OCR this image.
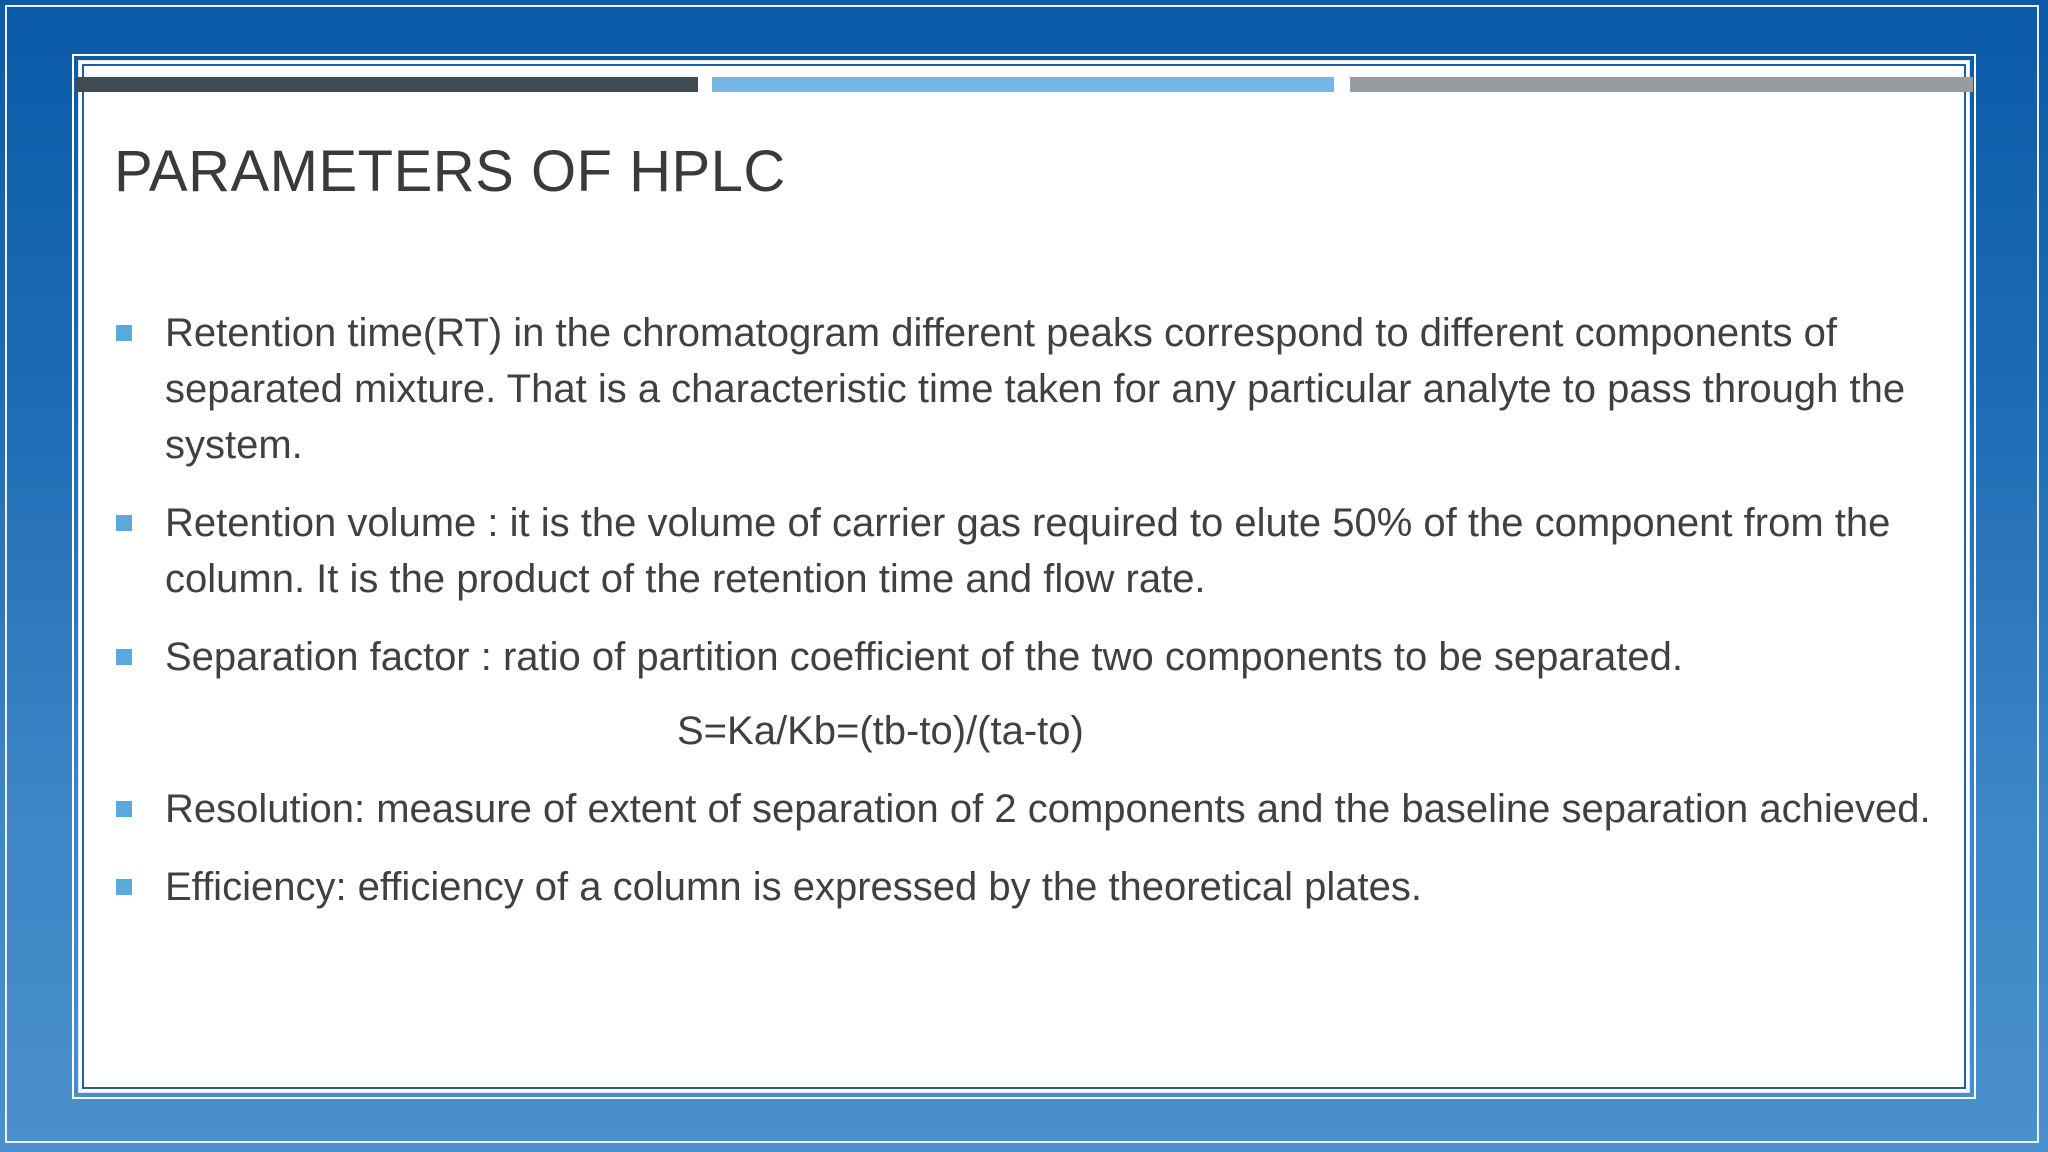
PARAMETERS OF HPLC
Retention time(RT) in the chromatogram different peaks correspond to different components of separated mixture. That is a characteristic time taken for any particular analyte to pass through the system.
Retention volume : it is the volume of carrier gas required to elute 50% of the component from the column. It is the product of the retention time and flow rate.
Separation factor : ratio of partition coefficient of the two components to be separated.
S=Ka/Kb=(tb-to)/(ta-to)
Resolution: measure of extent of separation of 2 components and the baseline separation achieved.
Efficiency: efficiency of a column is expressed by the theoretical plates.
